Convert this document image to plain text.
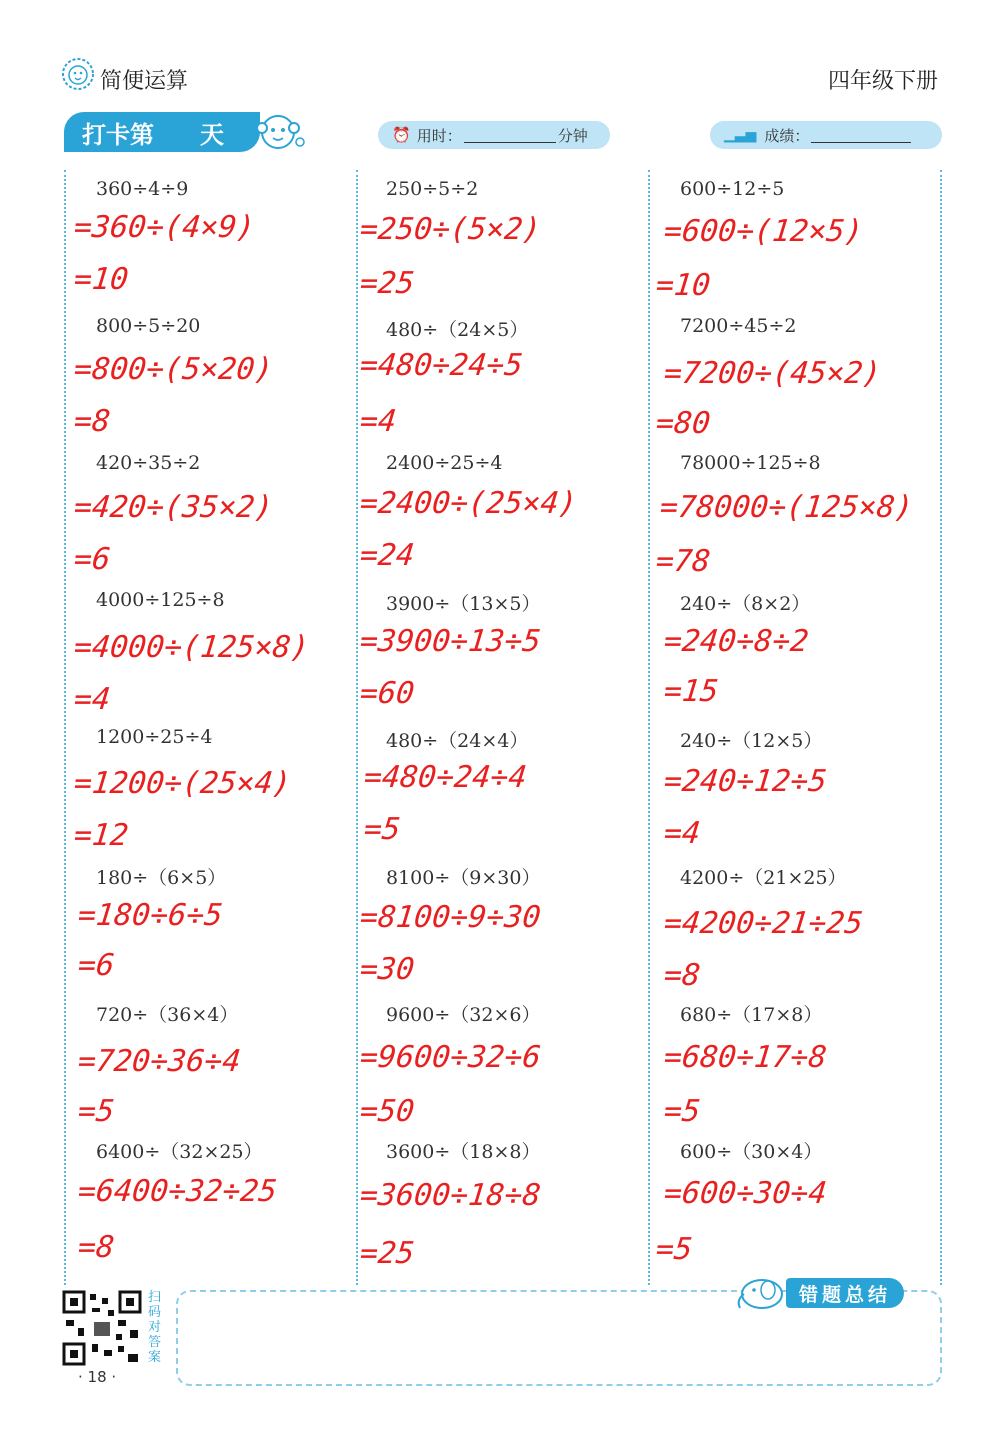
简便运算	四年级下册
打卡第 天	⏰ 用时：	分钟	▁▃▅ 成绩：
360÷4÷9
=360÷(4×9)
=10
800÷5÷20
=800÷(5×20)
=8
420÷35÷2
=420÷(35×2)
=6
4000÷125÷8
=4000÷(125×8)
=4
1200÷25÷4
=1200÷(25×4)
=12
180÷（6×5）
=180÷6÷5
=6
720÷（36×4）
=720÷36÷4
=5
6400÷（32×25）
=6400÷32÷25
=8
250÷5÷2
=250÷(5×2)
=25
480÷（24×5）
=480÷24÷5
=4
2400÷25÷4
=2400÷(25×4)
=24
3900÷（13×5）
=3900÷13÷5
=60
480÷（24×4）
=480÷24÷4
=5
8100÷（9×30）
=8100÷9÷30
=30
9600÷（32×6）
=9600÷32÷6
=50
3600÷（18×8）
=3600÷18÷8
=25
600÷12÷5
=600÷(12×5)
=10
7200÷45÷2
=7200÷(45×2)
=80
78000÷125÷8
=78000÷(125×8)
=78
240÷（8×2）
=240÷8÷2
=15
240÷（12×5）
=240÷12÷5
=4
4200÷（21×25）
=4200÷21÷25
=8
680÷（17×8）
=680÷17÷8
=5
600÷（30×4）
=600÷30÷4
=5
错题总结
扫码对答案
· 18 ·
